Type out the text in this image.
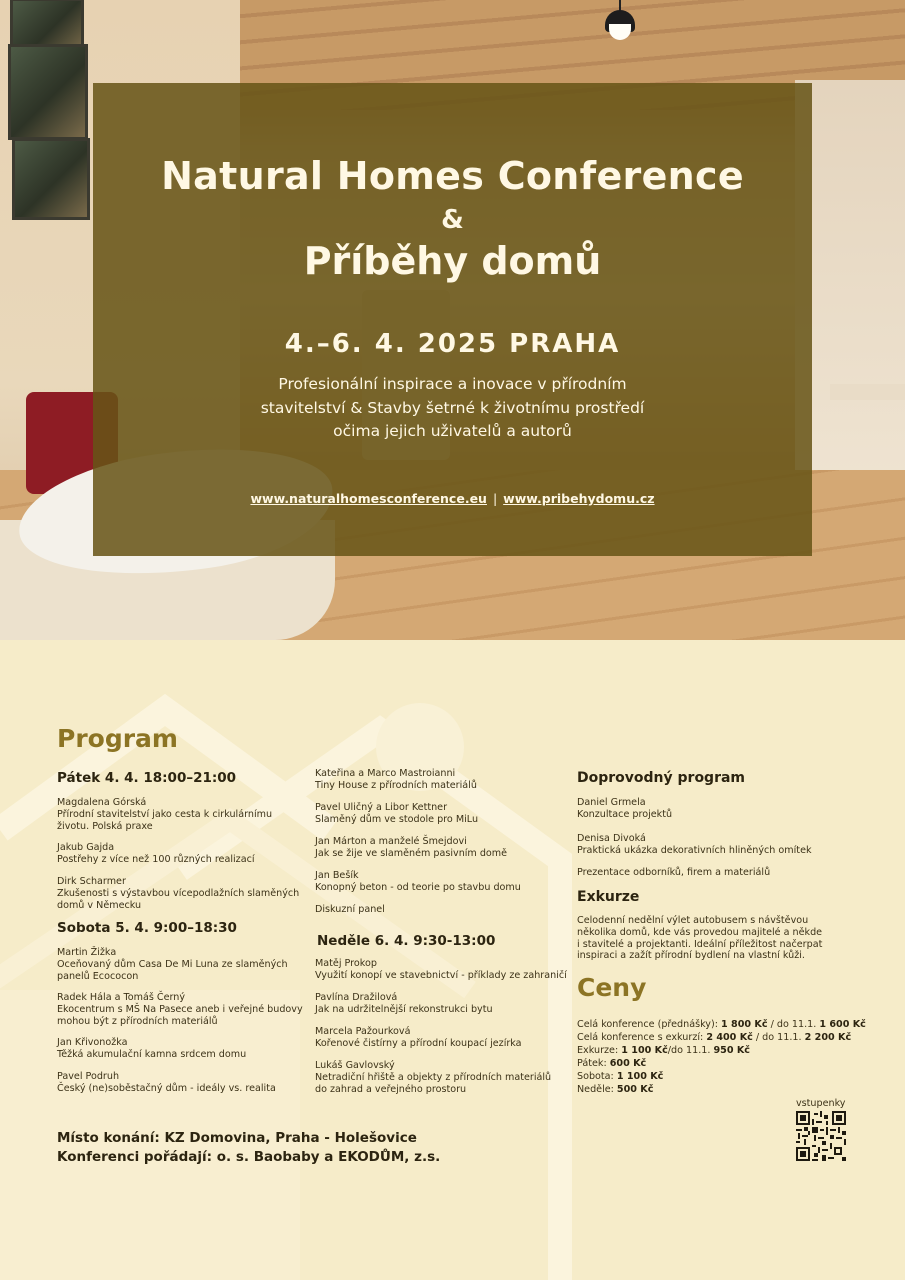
Natural Homes Conference
&
Příběhy domů
4.–6. 4. 2025 PRAHA
Profesionální inspirace a inovace v přírodním
stavitelství & Stavby šetrné k životnímu prostředí
očima jejich uživatelů a autorů
www.naturalhomesconference.eu | www.pribehydomu.cz
Program
Pátek 4. 4. 18:00–21:00
Magdalena Górská
Přírodní stavitelství jako cesta k cirkulárnímu
životu. Polská praxe
Jakub Gajda
Postřehy z více než 100 různých realizací
Dirk Scharmer
Zkušenosti s výstavbou vícepodlažních slaměných
domů v Německu
Sobota 5. 4. 9:00–18:30
Martin Žižka
Oceňovaný dům Casa De Mi Luna ze slaměných
panelů Ecococon
Radek Hála a Tomáš Černý
Ekocentrum s MŠ Na Pasece aneb i veřejné budovy
mohou být z přírodních materiálů
Jan Křivonožka
Těžká akumulační kamna srdcem domu
Pavel Podruh
Český (ne)soběstačný dům - ideály vs. realita
Kateřina a Marco Mastroianni
Tiny House z přírodních materiálů
Pavel Uličný a Libor Kettner
Slaměný dům ve stodole pro MiLu
Jan Márton a manželé Šmejdovi
Jak se žije ve slaměném pasivním domě
Jan Bešík
Konopný beton - od teorie po stavbu domu
Diskuzní panel
Neděle 6. 4. 9:30-13:00
Matěj Prokop
Využití konopí ve stavebnictví - příklady ze zahraničí
Pavlína Dražilová
Jak na udržitelnější rekonstrukci bytu
Marcela Pažourková
Kořenové čistírny a přírodní koupací jezírka
Lukáš Gavlovský
Netradiční hřiště a objekty z přírodních materiálů
do zahrad a veřejného prostoru
Doprovodný program
Daniel Grmela
Konzultace projektů
Denisa Divoká
Praktická ukázka dekorativních hliněných omítek
Prezentace odborníků, firem a materiálů
Exkurze
Celodenní nedělní výlet autobusem s návštěvou
několika domů, kde vás provedou majitelé a někde
i stavitelé a projektanti. Ideální příležitost načerpat
inspiraci a zažít přírodní bydlení na vlastní kůži.
Ceny
Celá konference (přednášky): 1 800 Kč / do 11.1. 1 600 Kč
Celá konference s exkurzí: 2 400 Kč / do 11.1. 2 200 Kč
Exkurze: 1 100 Kč/do 11.1. 950 Kč
Pátek: 600 Kč
Sobota: 1 100 Kč
Neděle: 500 Kč
Místo konání: KZ Domovina, Praha - Holešovice
Konferenci pořádají: o. s. Baobaby a EKODŮM, z.s.
vstupenky
